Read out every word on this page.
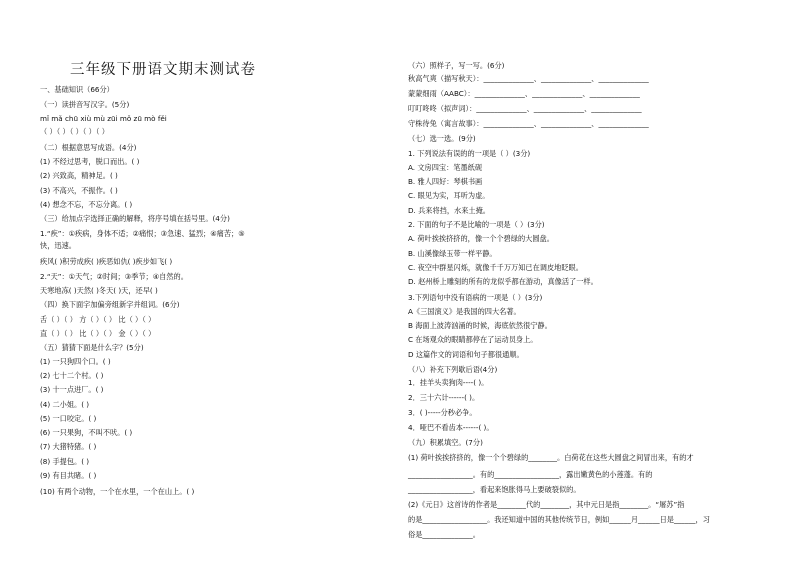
三年级下册语文期末测试卷
一、基础知识（66分）
（一）读拼音写汉字。(5分)
mǐ mǎ chū xiù mù zūi mǒ zū mò fěi
（ ）（ ）（ ）（ ）（ ）
（二）根据意思写成语。(4分)
(1) 不经过思考，脱口而出。( )
(2) 兴致高，精神足。( )
(3) 不高兴，不振作。( )
(4) 想念不忘，不忘分离。( )
（三）给加点字选择正确的解释，将序号填在括号里。(4分)
1.“疾”：①疾病，身体不适；②痛恨；③急速、猛烈；④痛苦；⑤
快，迅速。
疾风( )积劳成疾( )疾恶如仇( )疾步如飞( )
2.“天”：①天气；②时间；③季节；④自然的。
天寒地冻( )天然( )冬天( )天，还早( )
（四）换下面字加偏旁组新字并组词。(6分)
舌（ ）（ ） 方（ ）（ ） 比（ ）（ ）
直（ ）（ ） 比（ ）（ ） 金（ ）（ ）
（五）猜猜下面是什么字？(5分)
(1) 一只狗四个口。( )
(2) 七十二个村。( )
(3) 十一点进厂。( )
(4) 二小姐。( )
(5) 一口咬定。( )
(6) 一只果狗，不叫不吠。( )
(7) 大猪特猪。( )
(8) 手提包。( )
(9) 有目共睹。( )
(10) 有两个动物，一个在水里，一个在山上。( )
（六）照样子，写一写。(6分)
秋高气爽（描写秋天）：______________、______________、______________
蒙蒙细雨（AABC）：______________、______________、______________
叮叮咚咚（拟声词）：______________、______________、______________
守株待兔（寓言故事）：______________、______________、______________
（七）选一选。(9分)
1. 下列说法有误的的一项是（ ）(3分)
A. 文房四宝：笔墨纸砚
B. 雅人四好：琴棋书画
C. 眼见为实，耳听为虚。
D. 兵来将挡，水来土掩。
2. 下面的句子不是比喻的一项是（ ）(3分)
A. 荷叶挨挨挤挤的，像一个个碧绿的大圆盘。
B. 山溪像绿玉带一样平静。
C. 夜空中群星闪烁，就像千千万万知已在调皮地眨眼。
D. 赵州桥上雕刻的所有的龙似乎都在游动，真像活了一样。
3.下列语句中没有语病的一项是（ ）(3分)
A《三国演义》是我国的四大名著。
B 海面上波涛汹涌的时候，海底依然很宁静。
C 在场观众的眼睛都停在了运动员身上。
D 这篇作文的词语和句子都很通顺。
（八）补充下列歇后语(4分)
1．挂羊头卖狗肉----( )。
2．三十六计------( )。
3．( )-----分秒必争。
4．哑巴不看齿本------( )。
（九）积累填空。(7分)
(1) 荷叶挨挨挤挤的，像一个个碧绿的________。白荷花在这些大圆盘之间冒出来，有的才
__________________。有的__________________，露出嫩黄色的小莲蓬。有的
__________________，看起来饱胀得马上要破裂似的。
(2)《元日》这首诗的作者是________代的________，其中元日是指________。“屠苏”指
的是__________________。我还知道中国的其他传统节日，例如______月______日是______，习
俗是______________。
